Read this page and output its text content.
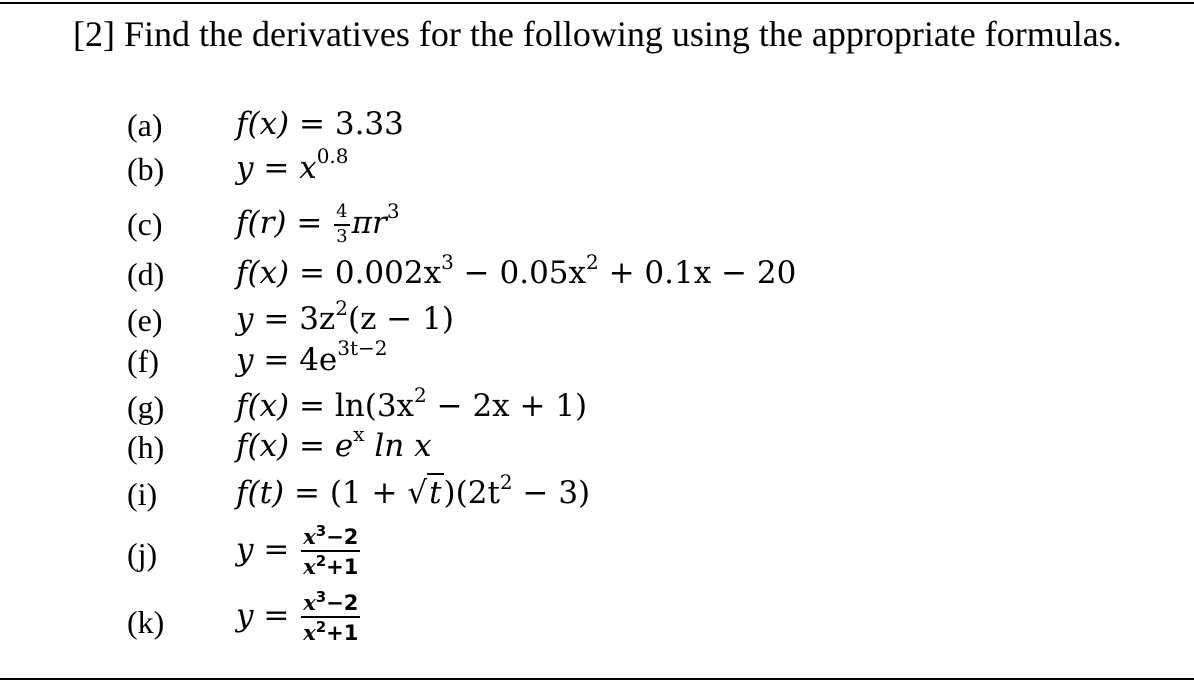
[2] Find the derivatives for the following using the appropriate formulas.
(a) f(x) = 3.33
(b) $y = x^{0.8}$
(c) $f(r) = \frac{4}{3} \pi r^3$
(d) $f(x) = 0.002x^3 - 0.05x^2 + 0.1x - 20$
(e) $y = 3z^2(z - 1)$
(f) $y = 4e^{3t-2}$
(g) $f(x) = \ln(3x^2 - 2x + 1)$
(h) $f(x) = e^x$ ln x
(i)	$f(t) = (1 + √t)(2t^2 - 3)$
(j)	$y = \frac{x^3-2}{x^2+1}$
(k) $y = \frac{x^3-2}{x^2+1}$
